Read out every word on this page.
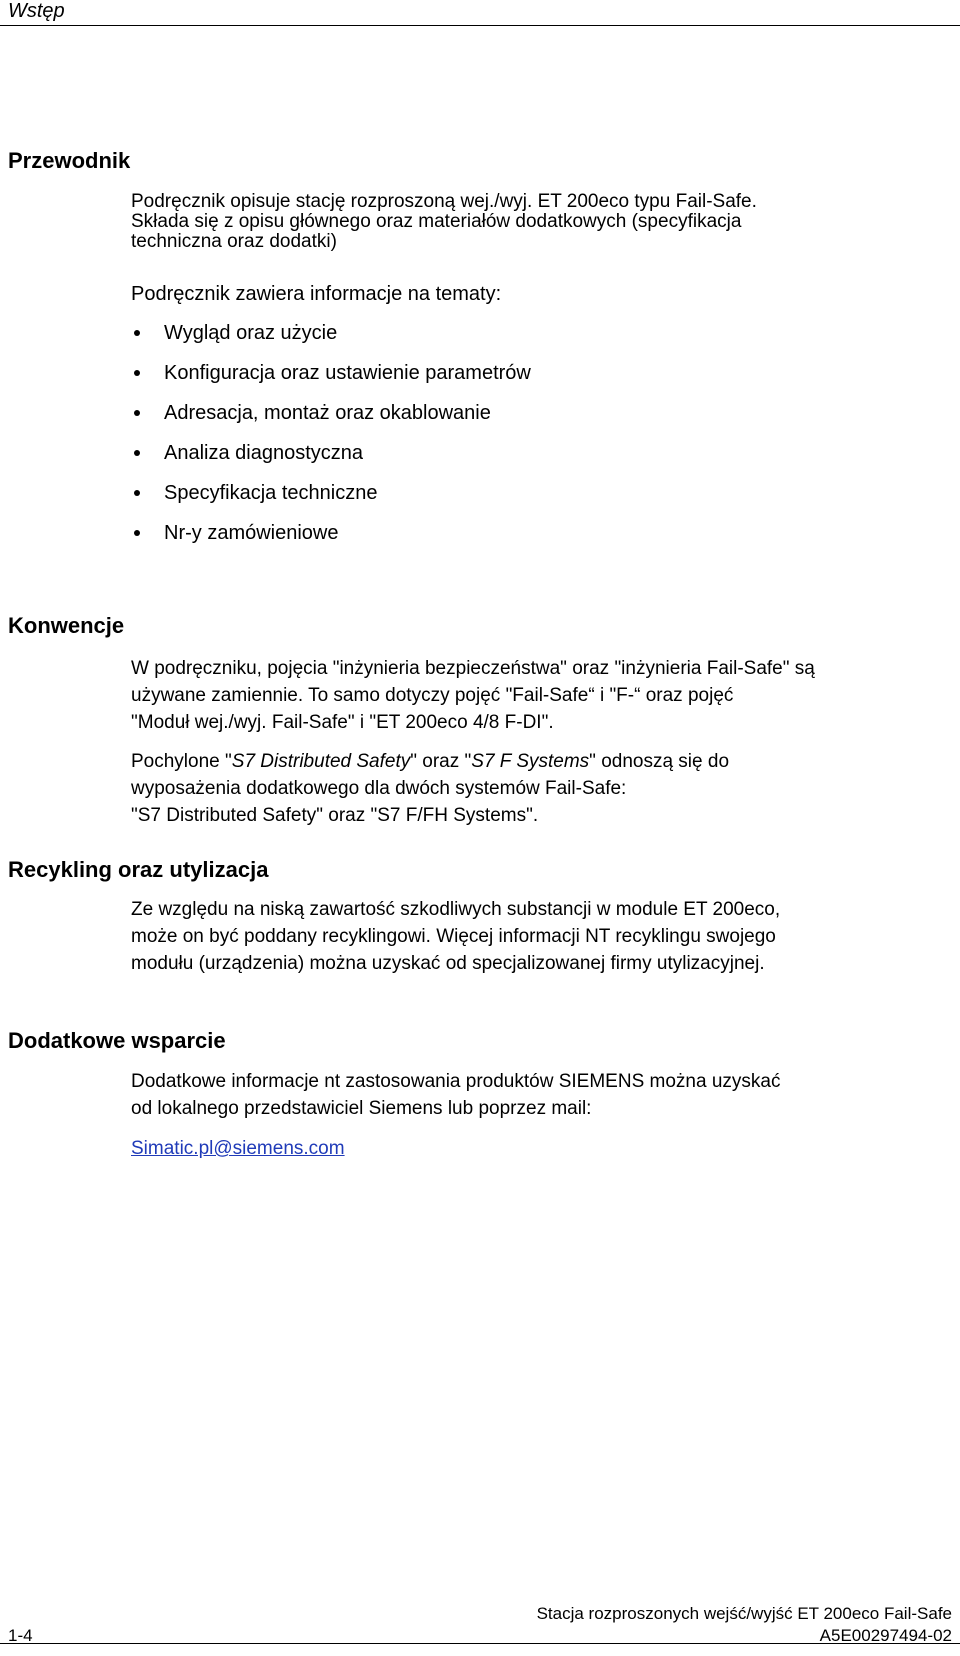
Wstęp
Przewodnik
Podręcznik opisuje stację rozproszoną wej./wyj. ET 200eco typu Fail-Safe.
Składa się z opisu głównego oraz materiałów dodatkowych (specyfikacja
techniczna oraz dodatki)
Podręcznik zawiera informacje na tematy:
Wygląd oraz użycie
Konfiguracja oraz ustawienie parametrów
Adresacja, montaż oraz okablowanie
Analiza diagnostyczna
Specyfikacja techniczne
Nr-y zamówieniowe
Konwencje
W podręczniku, pojęcia "inżynieria bezpieczeństwa" oraz "inżynieria Fail-Safe" są
używane zamiennie. To samo dotyczy pojęć "Fail-Safe“ i "F-“ oraz pojęć
"Moduł wej./wyj. Fail-Safe" i "ET 200eco 4/8 F-DI".
Pochylone "S7 Distributed Safety" oraz "S7 F Systems" odnoszą się do
wyposażenia dodatkowego dla dwóch systemów Fail-Safe:
"S7 Distributed Safety" oraz "S7 F/FH Systems".
Recykling oraz utylizacja
Ze względu na niską zawartość szkodliwych substancji w module ET 200eco,
może on być poddany recyklingowi. Więcej informacji NT recyklingu swojego
modułu (urządzenia) można uzyskać od specjalizowanej firmy utylizacyjnej.
Dodatkowe wsparcie
Dodatkowe informacje nt zastosowania produktów SIEMENS można uzyskać
od lokalnego przedstawiciel Siemens lub poprzez mail:
Simatic.pl@siemens.com
Stacja rozproszonych wejść/wyjść ET 200eco Fail-Safe
1-4	A5E00297494-02
